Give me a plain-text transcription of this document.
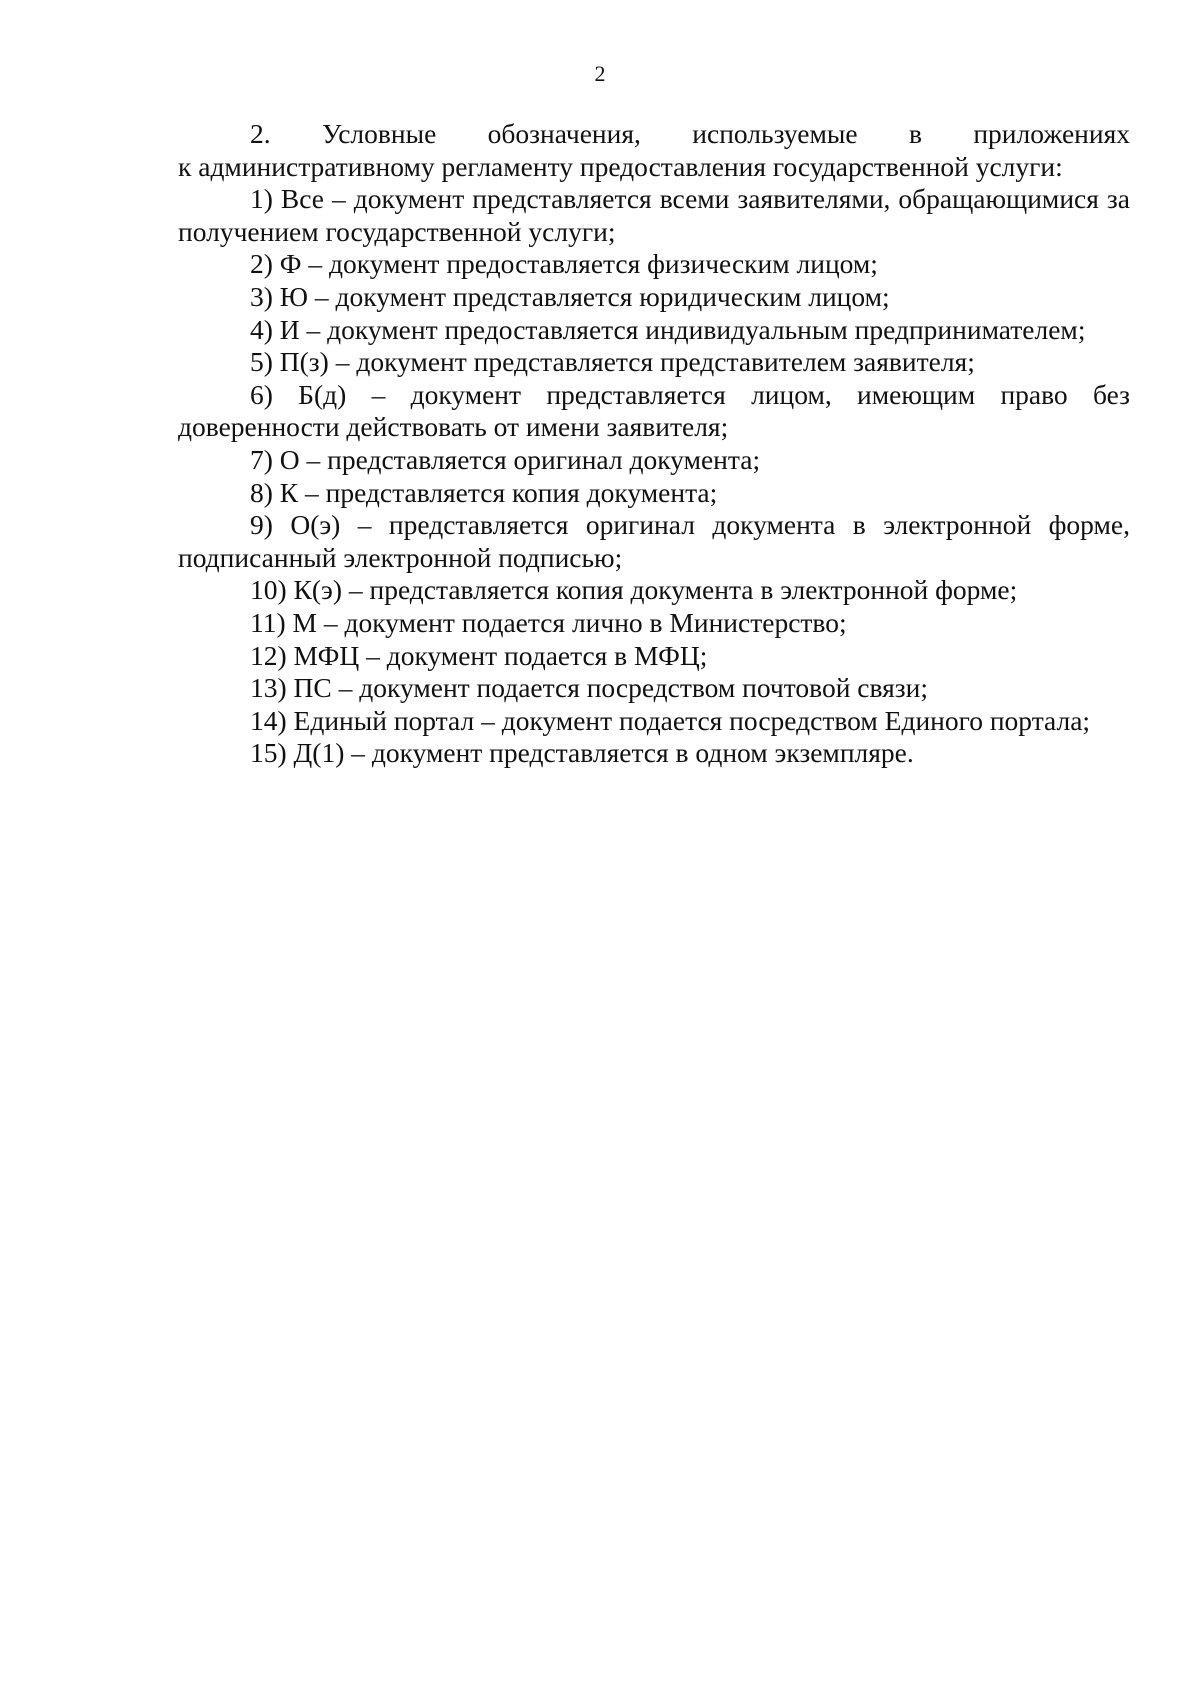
2

2. Условные обозначения, используемые в приложениях
к административному регламенту предоставления государственной услуги:

1) Все – документ представляется всеми заявителями, обращающимися за получением государственной услуги;

2) Ф – документ предоставляется физическим лицом;

3) Ю – документ представляется юридическим лицом;

4) И – документ предоставляется индивидуальным предпринимателем;

5) П(з) – документ представляется представителем заявителя;

6) Б(д) – документ представляется лицом, имеющим право без доверенности действовать от имени заявителя;

7) О – представляется оригинал документа;

8) К – представляется копия документа;

9) О(э) – представляется оригинал документа в электронной форме, подписанный электронной подписью;

10) К(э) – представляется копия документа в электронной форме;

11) М – документ подается лично в Министерство;

12) МФЦ – документ подается в МФЦ;

13) ПС – документ подается посредством почтовой связи;

14) Единый портал – документ подается посредством Единого портала;

15) Д(1) – документ представляется в одном экземпляре.
